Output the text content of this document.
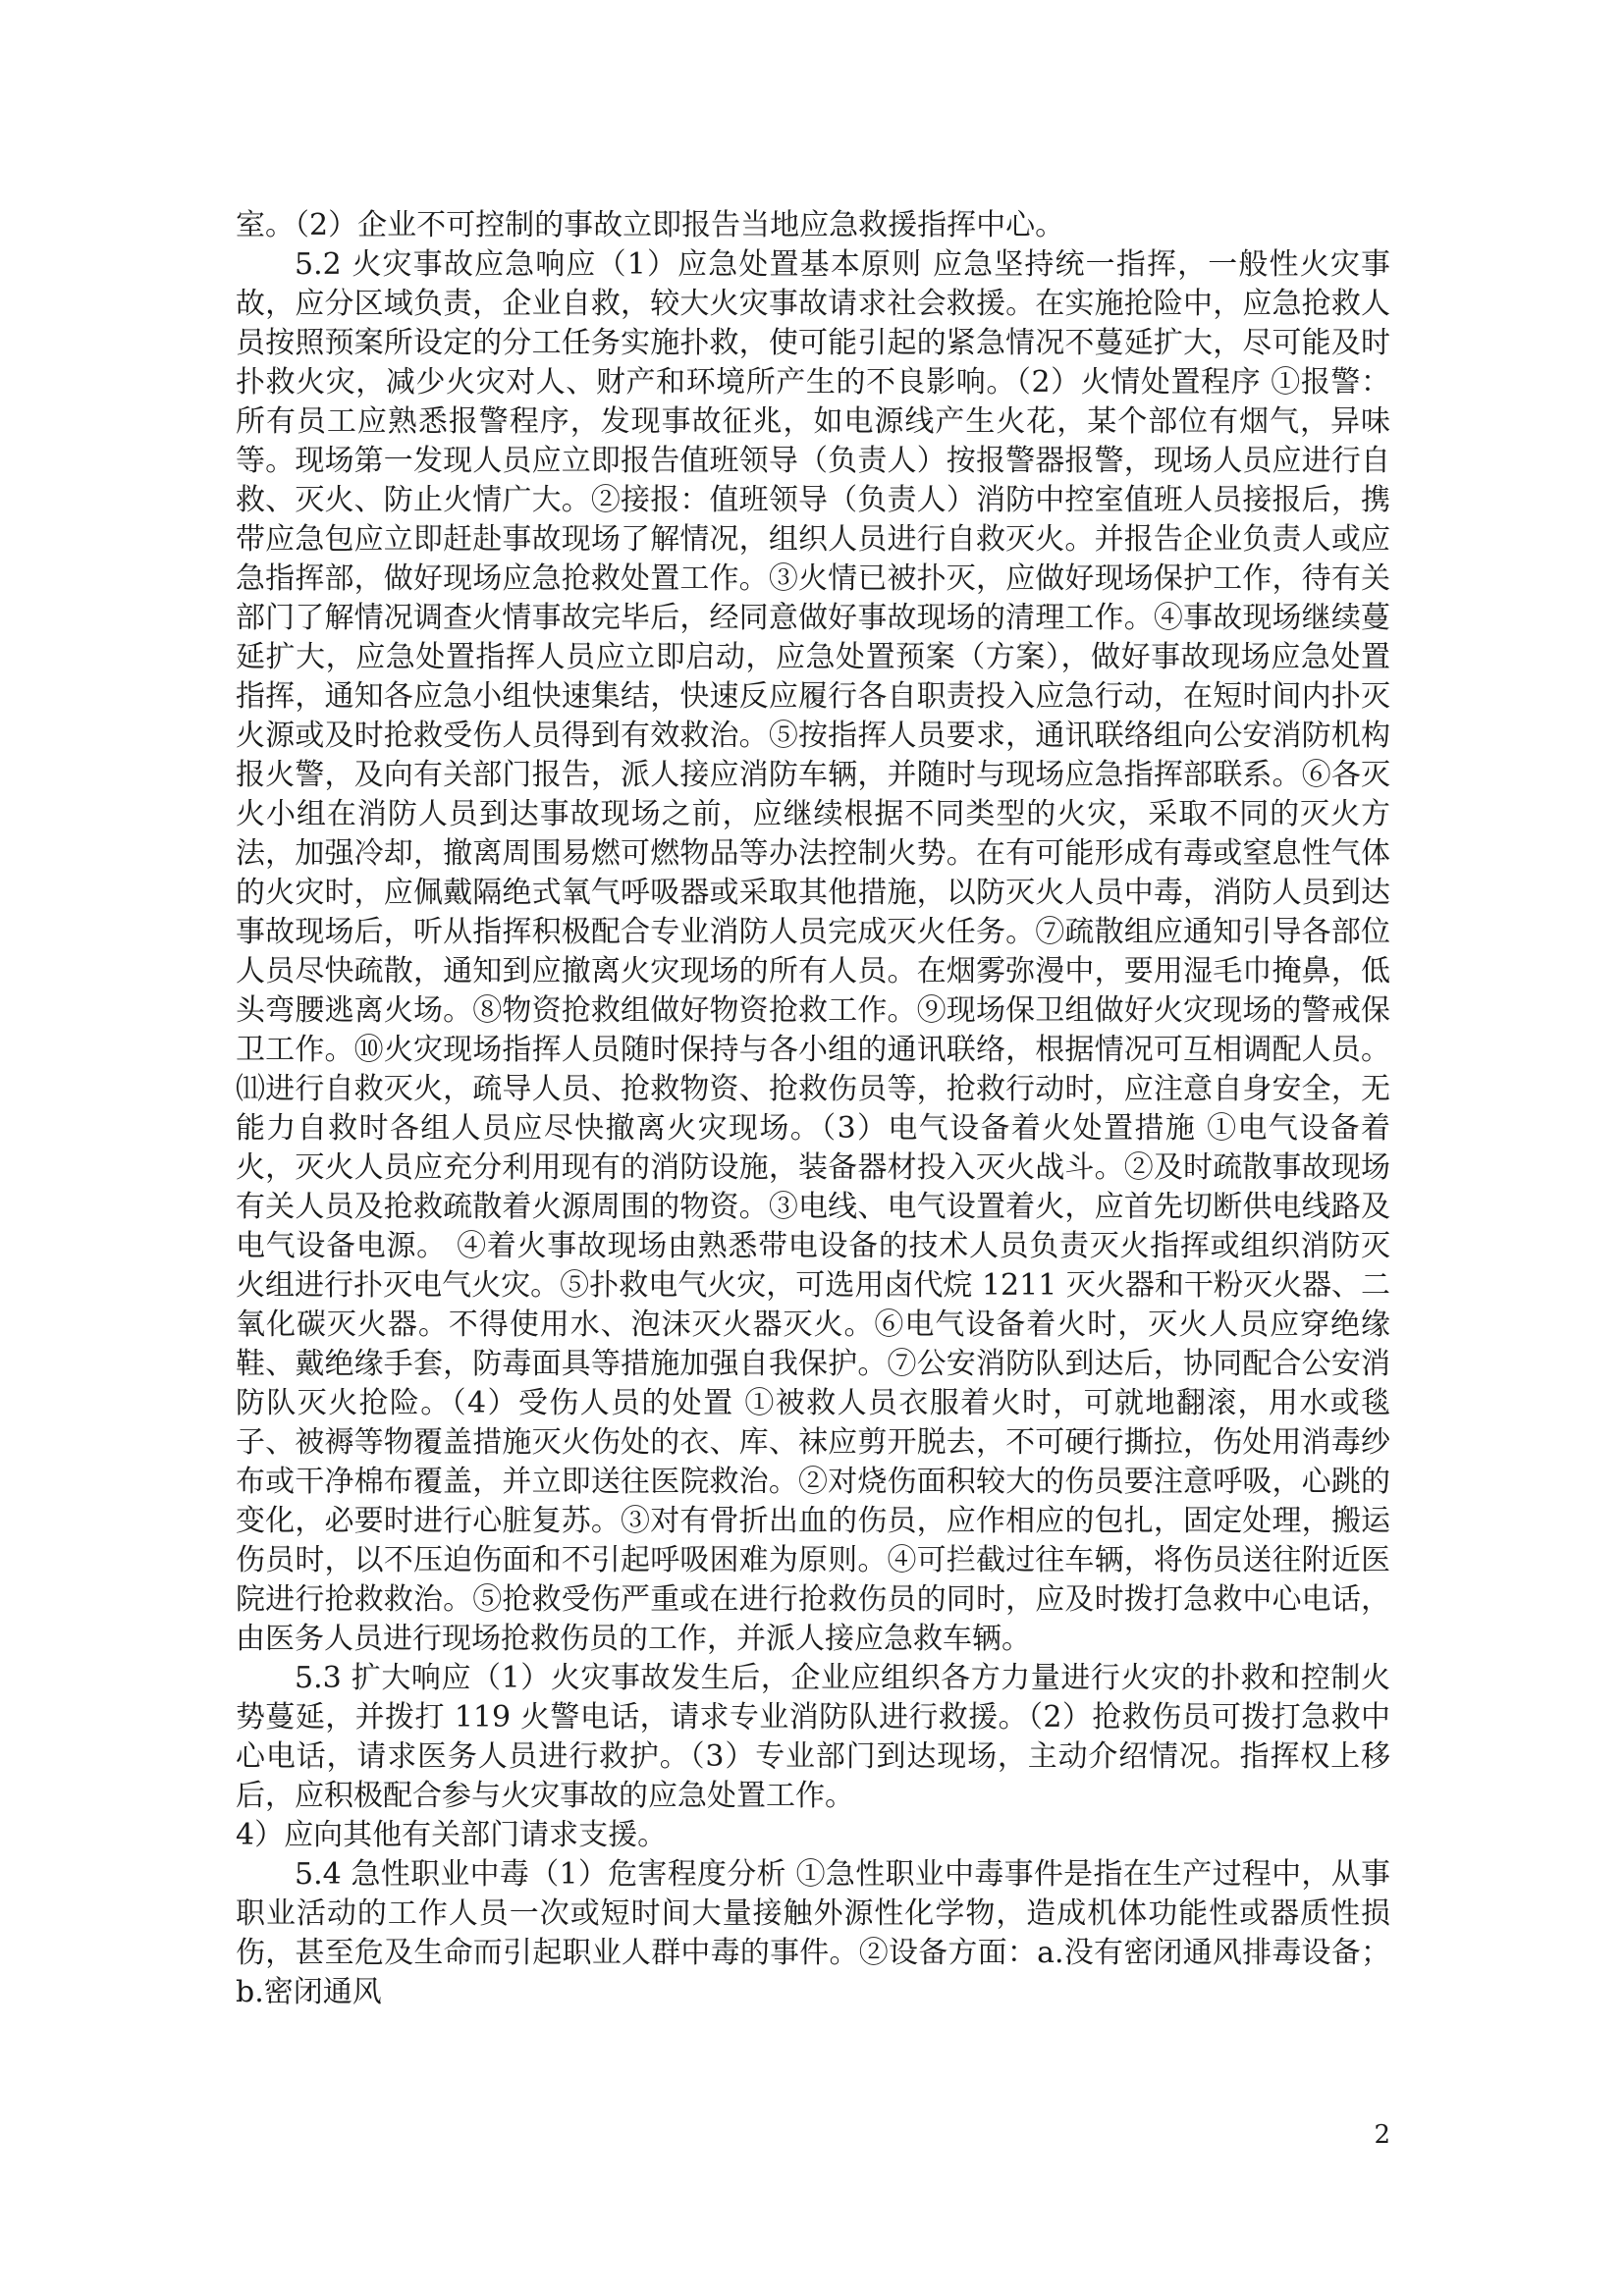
室。（2）企业不可控制的事故立即报告当地应急救援指挥中心。

5.2 火灾事故应急响应（1）应急处置基本原则 应急坚持统一指挥，一般性火灾事故，应分区域负责，企业自救，较大火灾事故请求社会救援。在实施抢险中，应急抢救人员按照预案所设定的分工任务实施扑救，使可能引起的紧急情况不蔓延扩大，尽可能及时扑救火灾，减少火灾对人、财产和环境所产生的不良影响。（2）火情处置程序 ①报警：所有员工应熟悉报警程序，发现事故征兆，如电源线产生火花，某个部位有烟气，异味等。现场第一发现人员应立即报告值班领导（负责人）按报警器报警，现场人员应进行自救、灭火、防止火情广大。②接报：值班领导（负责人）消防中控室值班人员接报后，携带应急包应立即赶赴事故现场了解情况，组织人员进行自救灭火。并报告企业负责人或应急指挥部，做好现场应急抢救处置工作。③火情已被扑灭，应做好现场保护工作，待有关部门了解情况调查火情事故完毕后，经同意做好事故现场的清理工作。④事故现场继续蔓延扩大，应急处置指挥人员应立即启动，应急处置预案（方案），做好事故现场应急处置指挥，通知各应急小组快速集结，快速反应履行各自职责投入应急行动，在短时间内扑灭火源或及时抢救受伤人员得到有效救治。⑤按指挥人员要求，通讯联络组向公安消防机构报火警，及向有关部门报告，派人接应消防车辆，并随时与现场应急指挥部联系。⑥各灭火小组在消防人员到达事故现场之前，应继续根据不同类型的火灾，采取不同的灭火方法，加强冷却，撤离周围易燃可燃物品等办法控制火势。在有可能形成有毒或窒息性气体的火灾时，应佩戴隔绝式氧气呼吸器或采取其他措施，以防灭火人员中毒，消防人员到达事故现场后，听从指挥积极配合专业消防人员完成灭火任务。⑦疏散组应通知引导各部位人员尽快疏散，通知到应撤离火灾现场的所有人员。在烟雾弥漫中，要用湿毛巾掩鼻，低头弯腰逃离火场。⑧物资抢救组做好物资抢救工作。⑨现场保卫组做好火灾现场的警戒保卫工作。⑩火灾现场指挥人员随时保持与各小组的通讯联络，根据情况可互相调配人员。⑾进行自救灭火，疏导人员、抢救物资、抢救伤员等，抢救行动时，应注意自身安全，无能力自救时各组人员应尽快撤离火灾现场。（3）电气设备着火处置措施 ①电气设备着火，灭火人员应充分利用现有的消防设施，装备器材投入灭火战斗。②及时疏散事故现场有关人员及抢救疏散着火源周围的物资。③电线、电气设置着火，应首先切断供电线路及电气设备电源。 ④着火事故现场由熟悉带电设备的技术人员负责灭火指挥或组织消防灭火组进行扑灭电气火灾。⑤扑救电气火灾，可选用卤代烷 1211 灭火器和干粉灭火器、二氧化碳灭火器。不得使用水、泡沫灭火器灭火。⑥电气设备着火时，灭火人员应穿绝缘鞋、戴绝缘手套，防毒面具等措施加强自我保护。⑦公安消防队到达后，协同配合公安消防队灭火抢险。（4）受伤人员的处置 ①被救人员衣服着火时，可就地翻滚，用水或毯子、被褥等物覆盖措施灭火伤处的衣、库、袜应剪开脱去，不可硬行撕拉，伤处用消毒纱布或干净棉布覆盖，并立即送往医院救治。②对烧伤面积较大的伤员要注意呼吸，心跳的变化，必要时进行心脏复苏。③对有骨折出血的伤员，应作相应的包扎，固定处理，搬运伤员时，以不压迫伤面和不引起呼吸困难为原则。④可拦截过往车辆，将伤员送往附近医院进行抢救救治。⑤抢救受伤严重或在进行抢救伤员的同时，应及时拨打急救中心电话，由医务人员进行现场抢救伤员的工作，并派人接应急救车辆。

5.3 扩大响应（1）火灾事故发生后，企业应组织各方力量进行火灾的扑救和控制火势蔓延，并拨打 119 火警电话，请求专业消防队进行救援。（2）抢救伤员可拨打急救中心电话，请求医务人员进行救护。（3）专业部门到达现场，主动介绍情况。指挥权上移后，应积极配合参与火灾事故的应急处置工作。

4）应向其他有关部门请求支援。

5.4 急性职业中毒（1）危害程度分析 ①急性职业中毒事件是指在生产过程中，从事职业活动的工作人员一次或短时间大量接触外源性化学物，造成机体功能性或器质性损伤，甚至危及生命而引起职业人群中毒的事件。②设备方面：a.没有密闭通风排毒设备；b.密闭通风

2
